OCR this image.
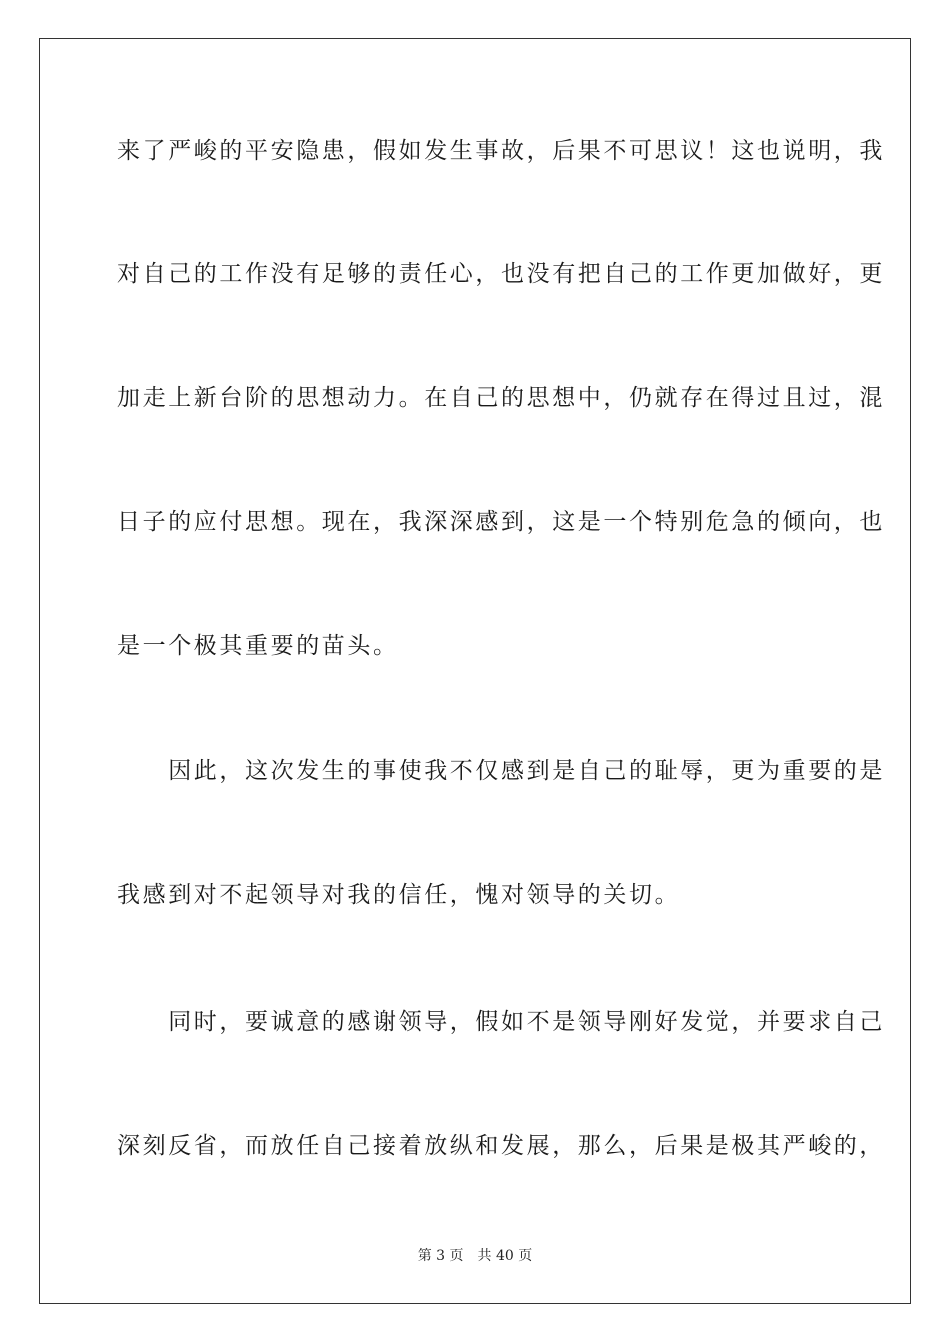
来了严峻的平安隐患，假如发生事故，后果不可思议！这也说明，我
对自己的工作没有足够的责任心，也没有把自己的工作更加做好，更
加走上新台阶的思想动力。在自己的思想中，仍就存在得过且过，混
日子的应付思想。现在，我深深感到，这是一个特别危急的倾向，也
是一个极其重要的苗头。
　　因此，这次发生的事使我不仅感到是自己的耻辱，更为重要的是
我感到对不起领导对我的信任，愧对领导的关切。
　　同时，要诚意的感谢领导，假如不是领导刚好发觉，并要求自己
深刻反省，而放任自己接着放纵和发展，那么，后果是极其严峻的，
第 3 页 共 40 页
